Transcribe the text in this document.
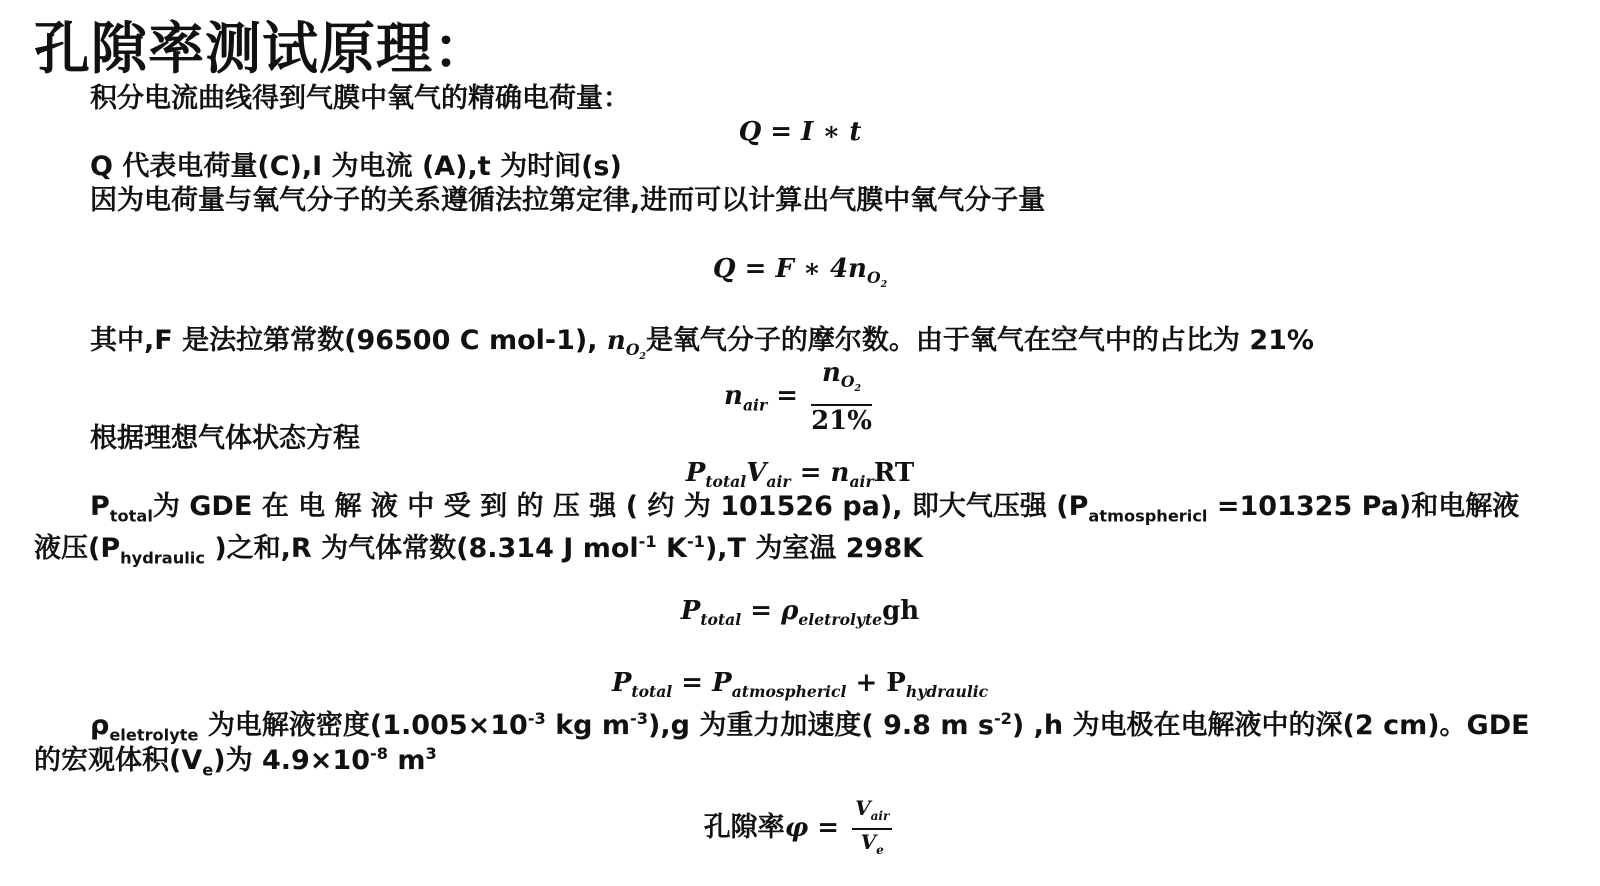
孔隙率测试原理：
积分电流曲线得到气膜中氧气的精确电荷量：
Q = I ∗ t
Q 代表电荷量(C),I 为电流 (A),t 为时间(s)
因为电荷量与氧气分子的关系遵循法拉第定律,进而可以计算出气膜中氧气分子量
Q = F ∗ $4n_{O_2}$
其中,F 是法拉第常数(96500 C mol-1), $n_{O_2}$是氧气分子的摩尔数。由于氧气在空气中的占比为 21%
$n_{air} = \frac{n_{O_2}}{21\%}$
根据理想气体状态方程
$P_{total}V_{air} = n_{air}RT$
$P_{total}$为 GDE 在 电 解 液 中 受 到 的 压 强 ( 约 为 101526 pa), 即大气压强 ($P_{atmosphericl} =101325$ Pa)和电解液
液压($P_{hydraulic}$ )之和,R 为气体常数(8.314 J mol$^{-1}$ $K^{-1}),T$ 为室温 298K
$P_{total} = \rho_{eletrolyte}gh$
$P_{total} = P_{atmosphericl} + P_{hydraulic}$
$\rho_{eletrolyte}$ 为电解液密度($1.005\times 10^{-3}$ kg $m^{-3}),g$ 为重力加速度( 9.8 m $s^{-2}$) ,h 为电极在电解液中的深(2 cm)。GDE
的宏观体积$(V_e)$为 $4.9\times 10^{-8}$ $m^3$
孔隙率$\varphi = \frac{V_{air}}{V_e}$
